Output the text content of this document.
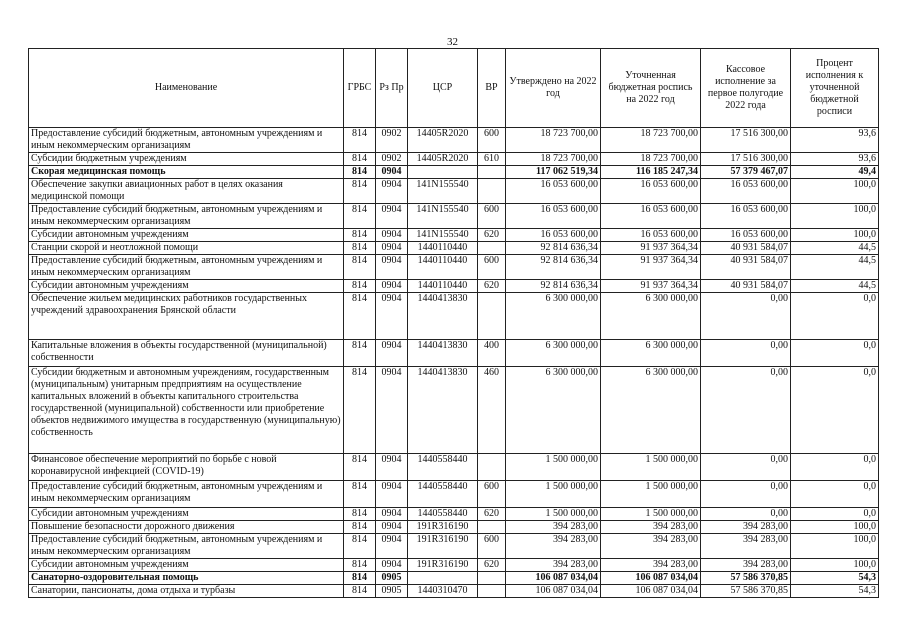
32
Наименование	ГРБС	Рз Пр	ЦСР	ВР	Утверждено на 2022 год	Уточненная бюджетная роспись на 2022 год	Кассовое исполнение за первое полугодие 2022 года	Процент исполнения к уточненной бюджетной росписи
Предоставление субсидий бюджетным, автономным учреждениям и иным некоммерческим организациям	814	0902	14405R2020	600	18 723 700,00	18 723 700,00	17 516 300,00	93,6
Субсидии бюджетным учреждениям	814	0902	14405R2020	610	18 723 700,00	18 723 700,00	17 516 300,00	93,6
Скорая медицинская помощь	814	0904			117 062 519,34	116 185 247,34	57 379 467,07	49,4
Обеспечение закупки авиационных работ в целях оказания медицинской помощи	814	0904	141N155540		16 053 600,00	16 053 600,00	16 053 600,00	100,0
Предоставление субсидий бюджетным, автономным учреждениям и иным некоммерческим организациям	814	0904	141N155540	600	16 053 600,00	16 053 600,00	16 053 600,00	100,0
Субсидии автономным учреждениям	814	0904	141N155540	620	16 053 600,00	16 053 600,00	16 053 600,00	100,0
Станции скорой и неотложной помощи	814	0904	1440110440		92 814 636,34	91 937 364,34	40 931 584,07	44,5
Предоставление субсидий бюджетным, автономным учреждениям и иным некоммерческим организациям	814	0904	1440110440	600	92 814 636,34	91 937 364,34	40 931 584,07	44,5
Субсидии автономным учреждениям	814	0904	1440110440	620	92 814 636,34	91 937 364,34	40 931 584,07	44,5
Обеспечение жильем медицинских работников государственных учреждений здравоохранения Брянской области	814	0904	1440413830		6 300 000,00	6 300 000,00	0,00	0,0
Капитальные вложения в объекты государственной (муниципальной) собственности	814	0904	1440413830	400	6 300 000,00	6 300 000,00	0,00	0,0
Субсидии бюджетным и автономным учреждениям, государственным (муниципальным) унитарным предприятиям на осуществление капитальных вложений в объекты капитального строительства государственной (муниципальной) собственности или приобретение объектов недвижимого имущества в государственную (муниципальную) собственность	814	0904	1440413830	460	6 300 000,00	6 300 000,00	0,00	0,0
Финансовое обеспечение мероприятий по борьбе с новой коронавирусной инфекцией (COVID-19)	814	0904	1440558440		1 500 000,00	1 500 000,00	0,00	0,0
Предоставление субсидий бюджетным, автономным учреждениям и иным некоммерческим организациям	814	0904	1440558440	600	1 500 000,00	1 500 000,00	0,00	0,0
Субсидии автономным учреждениям	814	0904	1440558440	620	1 500 000,00	1 500 000,00	0,00	0,0
Повышение безопасности дорожного движения	814	0904	191R316190		394 283,00	394 283,00	394 283,00	100,0
Предоставление субсидий бюджетным, автономным учреждениям и иным некоммерческим организациям	814	0904	191R316190	600	394 283,00	394 283,00	394 283,00	100,0
Субсидии автономным учреждениям	814	0904	191R316190	620	394 283,00	394 283,00	394 283,00	100,0
Санаторно-оздоровительная помощь	814	0905			106 087 034,04	106 087 034,04	57 586 370,85	54,3
Санатории, пансионаты, дома отдыха и турбазы	814	0905	1440310470		106 087 034,04	106 087 034,04	57 586 370,85	54,3
